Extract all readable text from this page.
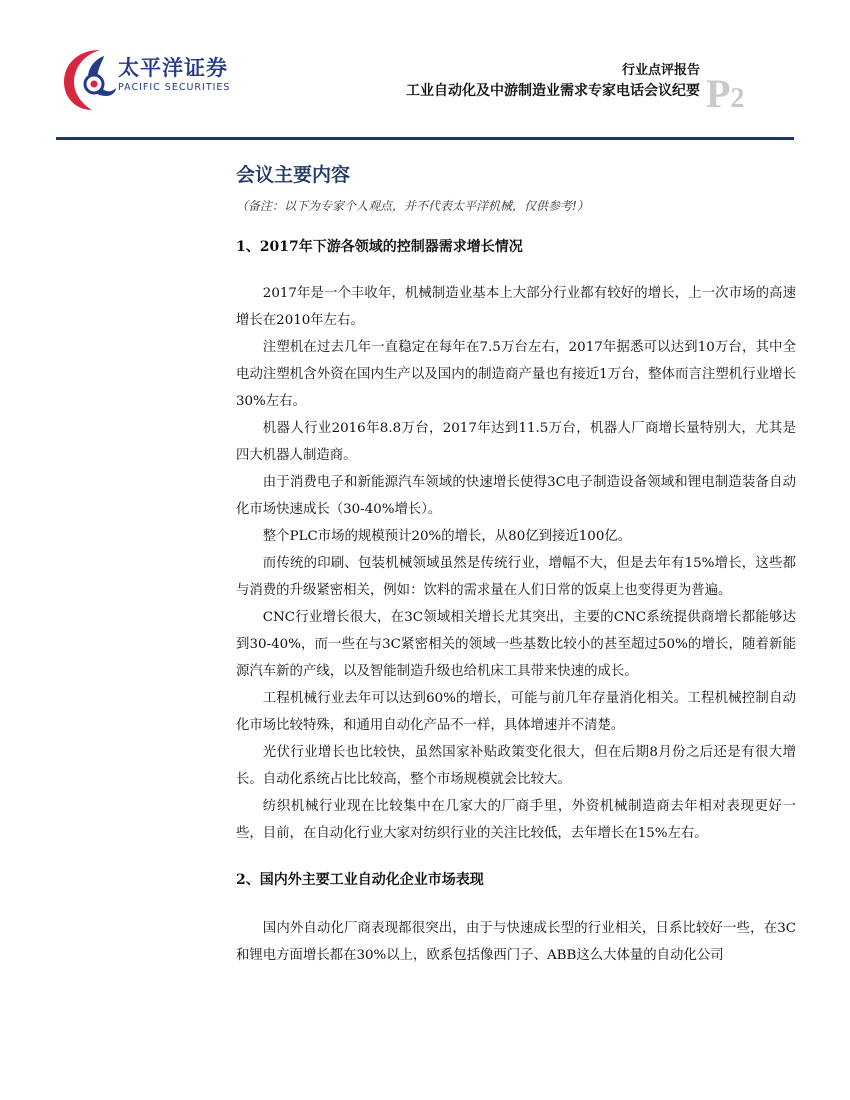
太平洋证券
PACIFIC SECURITIES
行业点评报告
工业自动化及中游制造业需求专家电话会议纪要 P2
会议主要内容
（备注：以下为专家个人观点，并不代表太平洋机械，仅供参考!）
1、2017年下游各领域的控制器需求增长情况

2017年是一个丰收年，机械制造业基本上大部分行业都有较好的增长，上一次市场的高速增长在2010年左右。

注塑机在过去几年一直稳定在每年在7.5万台左右，2017年据悉可以达到10万台，其中全电动注塑机含外资在国内生产以及国内的制造商产量也有接近1万台，整体而言注塑机行业增长30%左右。

机器人行业2016年8.8万台，2017年达到11.5万台，机器人厂商增长量特别大，尤其是四大机器人制造商。

由于消费电子和新能源汽车领域的快速增长使得3C电子制造设备领域和锂电制造装备自动化市场快速成长（30-40%增长）。

整个PLC市场的规模预计20%的增长，从80亿到接近100亿。

而传统的印刷、包装机械领域虽然是传统行业，增幅不大，但是去年有15%增长，这些都与消费的升级紧密相关，例如：饮料的需求量在人们日常的饭桌上也变得更为普遍。

CNC行业增长很大，在3C领域相关增长尤其突出，主要的CNC系统提供商增长都能够达到30-40%，而一些在与3C紧密相关的领域一些基数比较小的甚至超过50%的增长，随着新能源汽车新的产线，以及智能制造升级也给机床工具带来快速的成长。

工程机械行业去年可以达到60%的增长，可能与前几年存量消化相关。工程机械控制自动化市场比较特殊，和通用自动化产品不一样，具体增速并不清楚。

光伏行业增长也比较快，虽然国家补贴政策变化很大，但在后期8月份之后还是有很大增长。自动化系统占比比较高，整个市场规模就会比较大。

纺织机械行业现在比较集中在几家大的厂商手里，外资机械制造商去年相对表现更好一些，目前，在自动化行业大家对纺织行业的关注比较低，去年增长在15%左右。

2、国内外主要工业自动化企业市场表现

国内外自动化厂商表现都很突出，由于与快速成长型的行业相关，日系比较好一些，在3C和锂电方面增长都在30%以上，欧系包括像西门子、ABB这么大体量的自动化公司
